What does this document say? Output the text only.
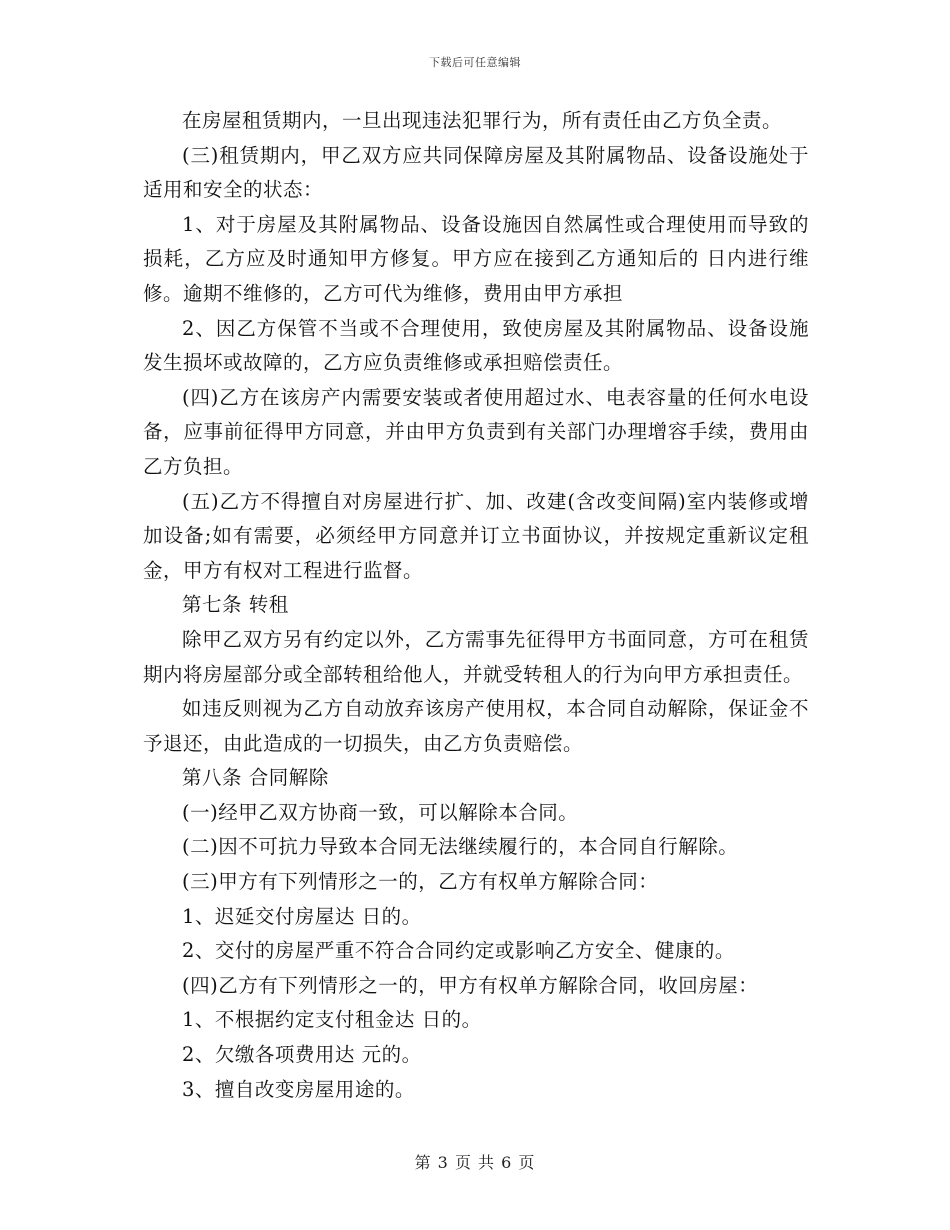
下载后可任意编辑

在房屋租赁期内，一旦出现违法犯罪行为，所有责任由乙方负全责。

(三)租赁期内，甲乙双方应共同保障房屋及其附属物品、设备设施处于适用和安全的状态：

1、对于房屋及其附属物品、设备设施因自然属性或合理使用而导致的损耗，乙方应及时通知甲方修复。甲方应在接到乙方通知后的 日内进行维修。逾期不维修的，乙方可代为维修，费用由甲方承担

2、因乙方保管不当或不合理使用，致使房屋及其附属物品、设备设施发生损坏或故障的，乙方应负责维修或承担赔偿责任。

(四)乙方在该房产内需要安装或者使用超过水、电表容量的任何水电设备，应事前征得甲方同意，并由甲方负责到有关部门办理增容手续，费用由乙方负担。

(五)乙方不得擅自对房屋进行扩、加、改建(含改变间隔)室内装修或增加设备;如有需要，必须经甲方同意并订立书面协议，并按规定重新议定租金，甲方有权对工程进行监督。

第七条 转租

除甲乙双方另有约定以外，乙方需事先征得甲方书面同意，方可在租赁期内将房屋部分或全部转租给他人，并就受转租人的行为向甲方承担责任。

如违反则视为乙方自动放弃该房产使用权，本合同自动解除，保证金不予退还，由此造成的一切损失，由乙方负责赔偿。

第八条 合同解除

(一)经甲乙双方协商一致，可以解除本合同。

(二)因不可抗力导致本合同无法继续履行的，本合同自行解除。

(三)甲方有下列情形之一的，乙方有权单方解除合同：

1、迟延交付房屋达 日的。

2、交付的房屋严重不符合合同约定或影响乙方安全、健康的。

(四)乙方有下列情形之一的，甲方有权单方解除合同，收回房屋：

1、不根据约定支付租金达 日的。

2、欠缴各项费用达 元的。

3、擅自改变房屋用途的。

第 3 页 共 6 页
